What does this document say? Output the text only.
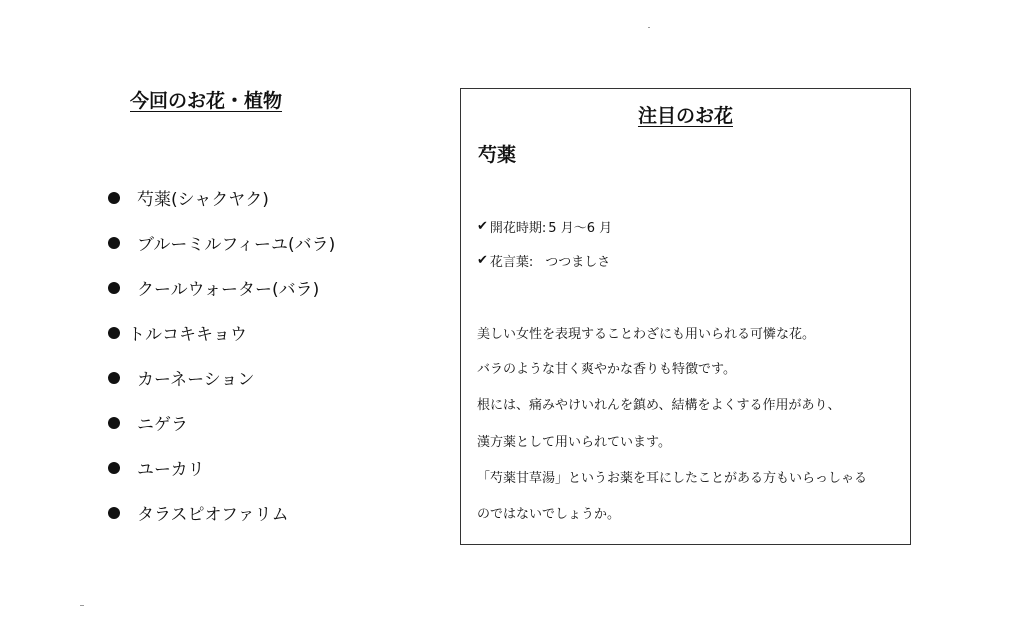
今回のお花・植物
芍薬(シャクヤク)
ブルーミルフィーユ(バラ)
クールウォーター(バラ)
トルコキキョウ
カーネーション
ニゲラ
ユーカリ
タラスピオファリム
注目のお花
芍薬
✔ 開花時期: 5 月～6 月
✔ 花言葉: つつましさ
美しい女性を表現することわざにも用いられる可憐な花。
バラのような甘く爽やかな香りも特徴です。
根には、痛みやけいれんを鎮め、結構をよくする作用があり、
漢方薬として用いられています。
「芍薬甘草湯」というお薬を耳にしたことがある方もいらっしゃる
のではないでしょうか。
